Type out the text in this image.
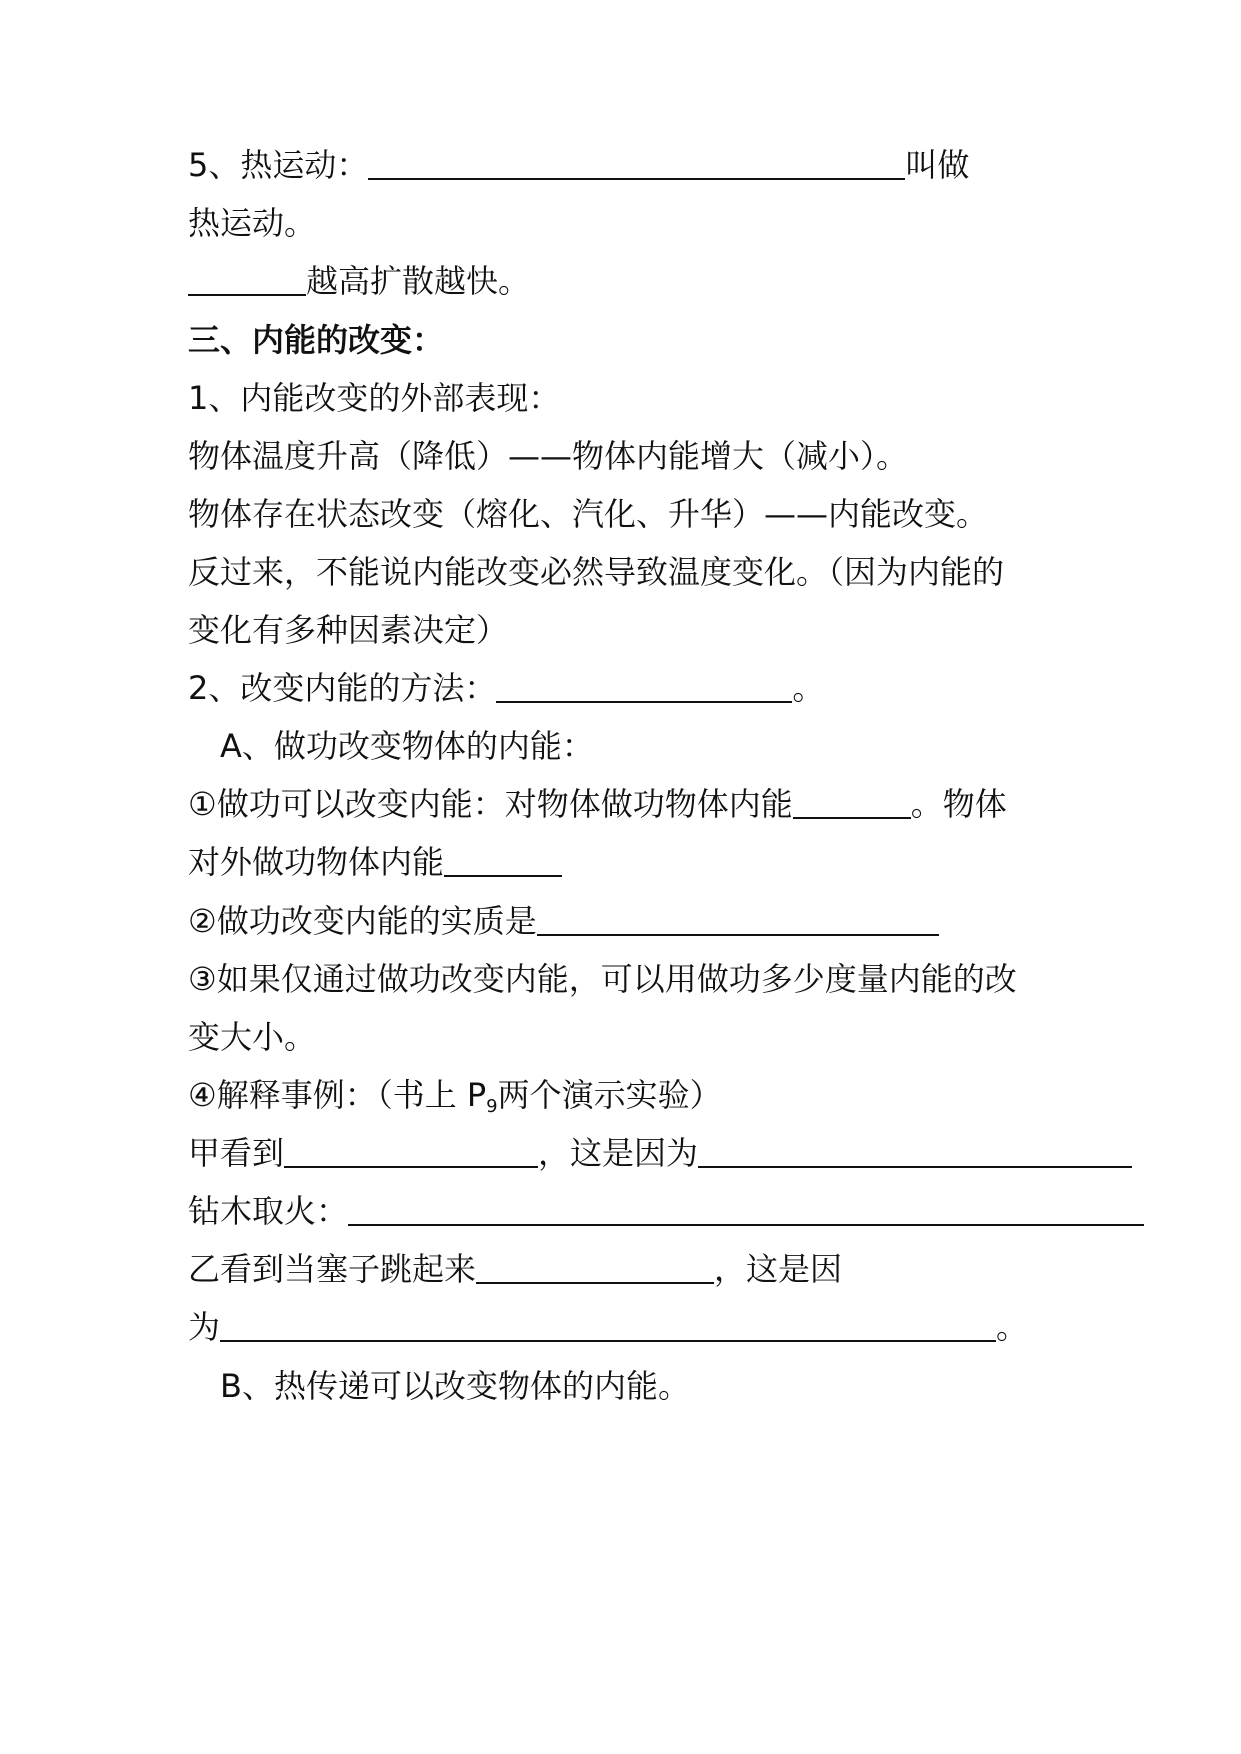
5、热运动：	叫做
热运动。
越高扩散越快。
三、内能的改变：
1、内能改变的外部表现：
物体温度升高（降低）——物体内能增大（减小）。
物体存在状态改变（熔化、汽化、升华）——内能改变。
反过来，不能说内能改变必然导致温度变化。（因为内能的
变化有多种因素决定）
2、改变内能的方法：	。
A、做功改变物体的内能：
①做功可以改变内能：对物体做功物体内能	。物体
对外做功物体内能
②做功改变内能的实质是
③如果仅通过做功改变内能，可以用做功多少度量内能的改
变大小。
④解释事例：（书上 $P_9$两个演示实验）
甲看到	，这是因为
钻木取火：
乙看到当塞子跳起来	，这是因
为	。
B、热传递可以改变物体的内能。
